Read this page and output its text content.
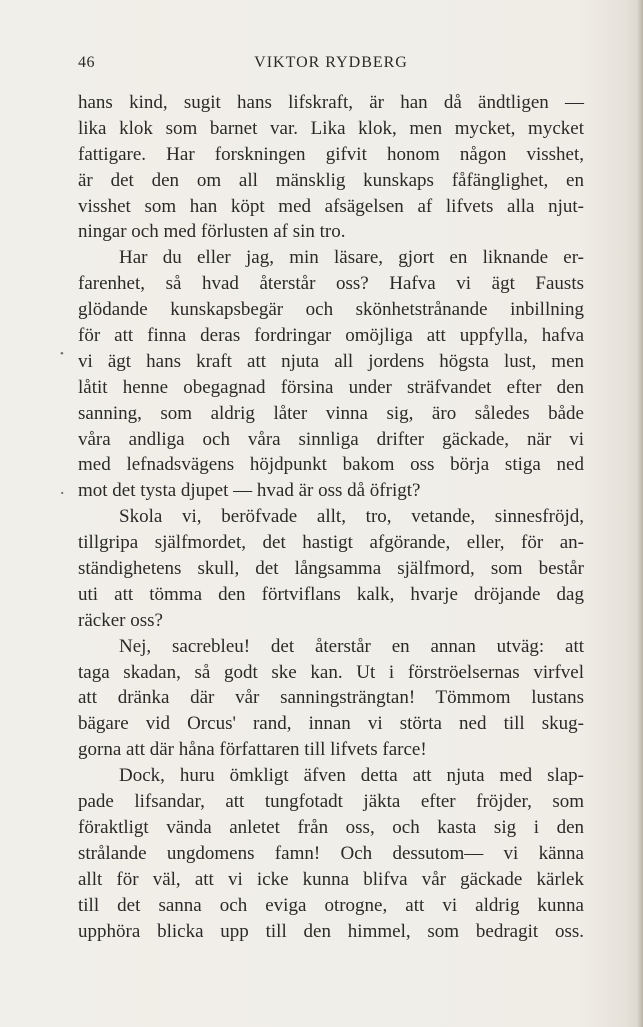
46	VIKTOR RYDBERG
•
.
hans kind, sugit hans lifskraft, är han då ändtligen —
lika klok som barnet var. Lika klok, men mycket, mycket
fattigare. Har forskningen gifvit honom någon visshet,
är det den om all mänsklig kunskaps fåfänglighet, en
visshet som han köpt med afsägelsen af lifvets alla njut-
ningar och med förlusten af sin tro.
Har du eller jag, min läsare, gjort en liknande er-
farenhet, så hvad återstår oss? Hafva vi ägt Fausts
glödande kunskapsbegär och skönhetstrånande inbillning
för att finna deras fordringar omöjliga att uppfylla, hafva
vi ägt hans kraft att njuta all jordens högsta lust, men
låtit henne obegagnad försina under sträfvandet efter den
sanning, som aldrig låter vinna sig, äro således både
våra andliga och våra sinnliga drifter gäckade, när vi
med lefnadsvägens höjdpunkt bakom oss börja stiga ned
mot det tysta djupet — hvad är oss då öfrigt?
Skola vi, beröfvade allt, tro, vetande, sinnesfröjd,
tillgripa själfmordet, det hastigt afgörande, eller, för an-
ständighetens skull, det långsamma själfmord, som består
uti att tömma den förtviflans kalk, hvarje dröjande dag
räcker oss?
Nej, sacrebleu! det återstår en annan utväg: att
taga skadan, så godt ske kan. Ut i förströelsernas virfvel
att dränka där vår sanningsträngtan! Tömmom lustans
bägare vid Orcus' rand, innan vi störta ned till skug-
gorna att där håna författaren till lifvets farce!
Dock, huru ömkligt äfven detta att njuta med slap-
pade lifsandar, att tungfotadt jäkta efter fröjder, som
föraktligt vända anletet från oss, och kasta sig i den
strålande ungdomens famn! Och dessutom— vi känna
allt för väl, att vi icke kunna blifva vår gäckade kärlek
till det sanna och eviga otrogne, att vi aldrig kunna
upphöra blicka upp till den himmel, som bedragit oss.
